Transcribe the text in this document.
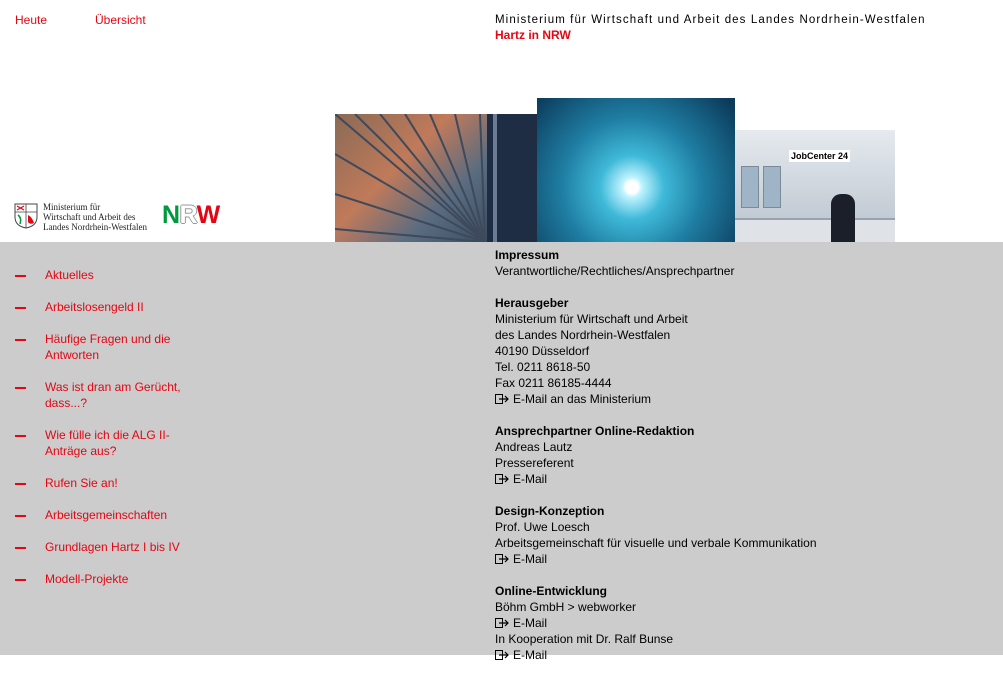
Heute	Übersicht	Ministerium für Wirtschaft und Arbeit des Landes Nordrhein-Westfalen
Hartz in NRW
JobCenter 24
Ministerium für
Wirtschaft und Arbeit des
Landes Nordrhein-Westfalen NRW
Aktuelles
Arbeitslosengeld II
Häufige Fragen und die Antworten
Was ist dran am Gerücht, dass...?
Wie fülle ich die ALG II-Anträge aus?
Rufen Sie an!
Arbeitsgemeinschaften
Grundlagen Hartz I bis IV
Modell-Projekte
Impressum
Verantwortliche/Rechtliches/Ansprechpartner
Herausgeber
Ministerium für Wirtschaft und Arbeit
des Landes Nordrhein-Westfalen
40190 Düsseldorf
Tel. 0211 8618-50
Fax 0211 86185-4444
E-Mail an das Ministerium
Ansprechpartner Online-Redaktion
Andreas Lautz
Pressereferent
E-Mail
Design-Konzeption
Prof. Uwe Loesch
Arbeitsgemeinschaft für visuelle und verbale Kommunikation
E-Mail
Online-Entwicklung
Böhm GmbH > webworker
E-Mail
In Kooperation mit Dr. Ralf Bunse
E-Mail
